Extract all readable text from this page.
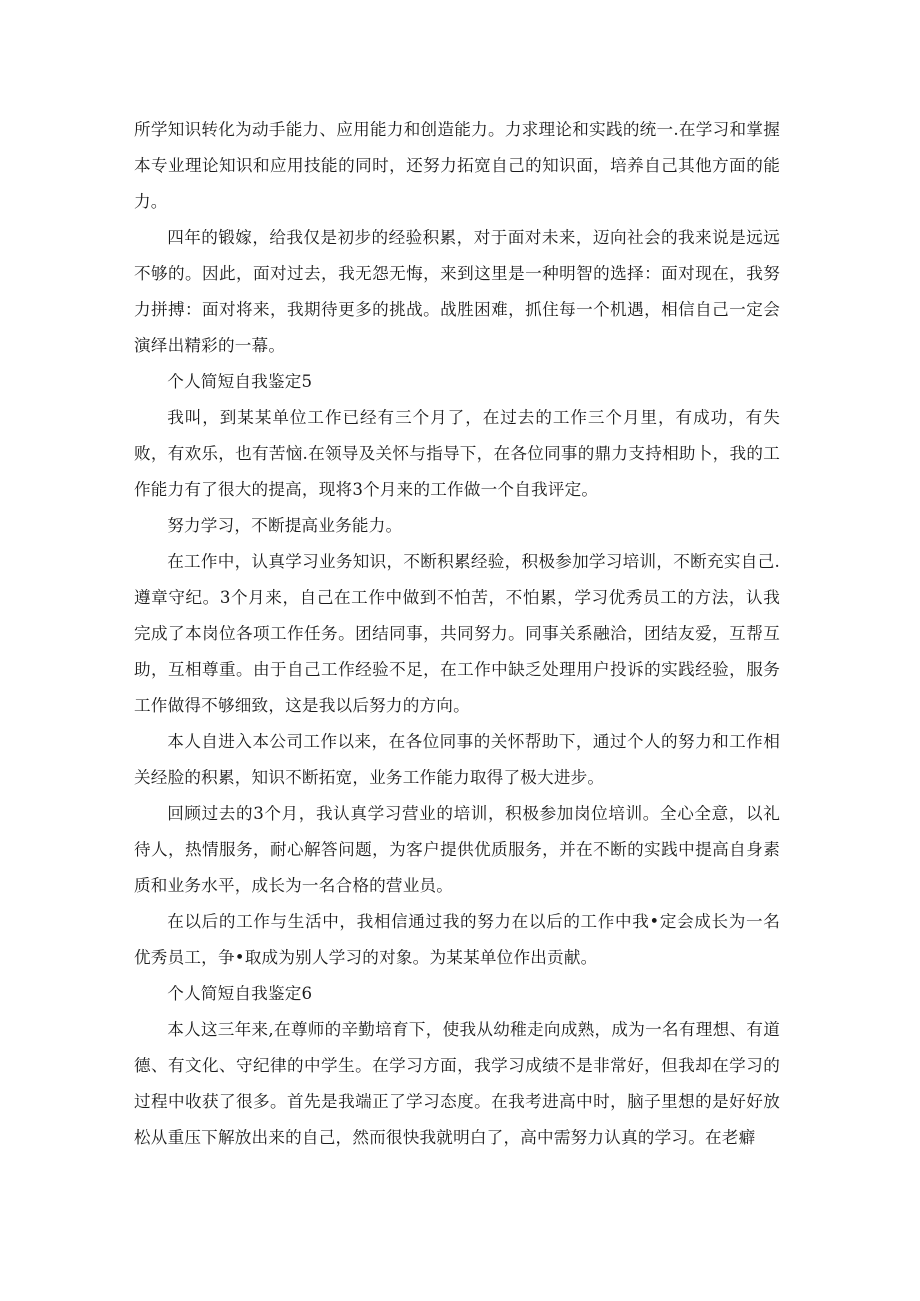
所学知识转化为动手能力、应用能力和创造能力。力求理论和实践的统一.在学习和掌握本专业理论知识和应用技能的同时，还努力拓宽自己的知识面，培养自己其他方面的能力。

四年的锻嫁，给我仅是初步的经验积累，对于面对未来，迈向社会的我来说是远远不够的。因此，面对过去，我无怨无悔，来到这里是一种明智的选择：面对现在，我努力拼搏：面对将来，我期待更多的挑战。战胜困难，抓住每一个机遇，相信自己一定会演绎出精彩的一幕。

个人简短自我鉴定5

我叫，到某某单位工作已经有三个月了，在过去的工作三个月里，有成功，有失败，有欢乐，也有苦恼.在领导及关怀与指导下，在各位同事的鼎力支持相助卜，我的工作能力有了很大的提高，现将3个月来的工作做一个自我评定。

努力学习，不断提高业务能力。

在工作中，认真学习业务知识，不断积累经验，积极参加学习培训，不断充实自己.遵章守纪。3个月来，自己在工作中做到不怕苦，不怕累，学习优秀员工的方法，认我完成了本岗位各项工作任务。团结同事，共同努力。同事关系融洽，团结友爱，互帮互助，互相尊重。由于自己工作经验不足，在工作中缺乏处理用户投诉的实践经验，服务工作做得不够细致，这是我以后努力的方向。

本人自进入本公司工作以来，在各位同事的关怀帮助下，通过个人的努力和工作相关经脸的积累，知识不断拓宽，业务工作能力取得了极大进步。

回顾过去的3个月，我认真学习营业的培训，积极参加岗位培训。全心全意，以礼待人，热情服务，耐心解答问题，为客户提供优质服务，并在不断的实践中提高自身素质和业务水平，成长为一名合格的营业员。

在以后的工作与生活中，我相信通过我的努力在以后的工作中我•定会成长为一名优秀员工，争•取成为别人学习的对象。为某某单位作出贡献。

个人简短自我鉴定6

本人这三年来,在尊师的辛勤培育下，使我从幼稚走向成熟，成为一名有理想、有道德、有文化、守纪律的中学生。在学习方面，我学习成绩不是非常好，但我却在学习的过程中收获了很多。首先是我端正了学习态度。在我考进高中时，脑子里想的是好好放松从重压下解放出来的自己，然而很快我就明白了，高中需努力认真的学习。在老癖
